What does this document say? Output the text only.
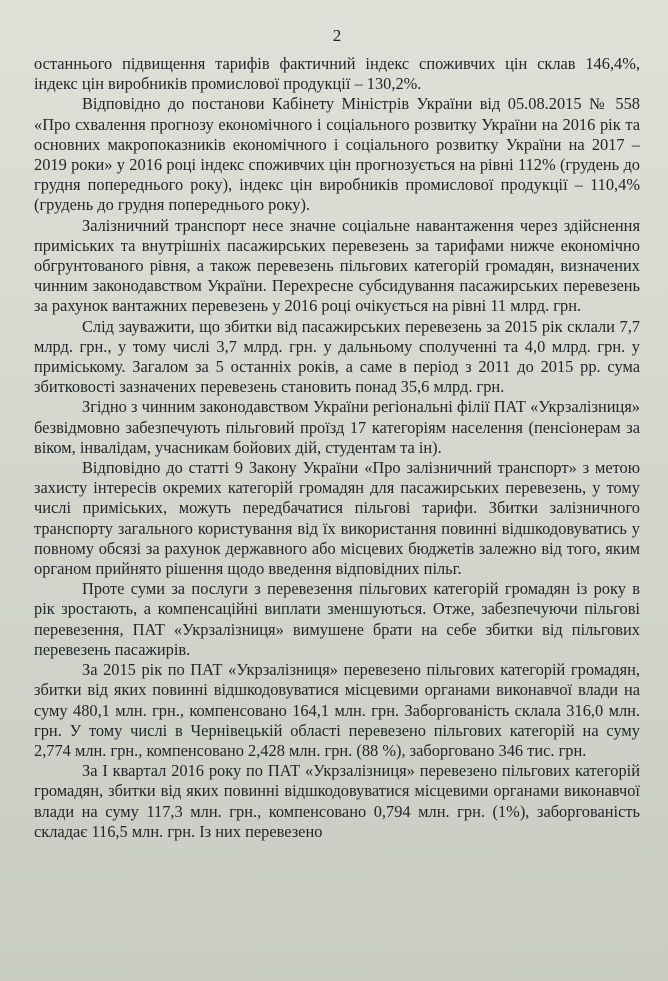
2

останнього підвищення тарифів фактичний індекс споживчих цін склав 146,4%, індекс цін виробників промислової продукції – 130,2%.

Відповідно до постанови Кабінету Міністрів України від 05.08.2015 № 558 «Про схвалення прогнозу економічного і соціального розвитку України на 2016 рік та основних макропоказників економічного і соціального розвитку України на 2017 – 2019 роки» у 2016 році індекс споживчих цін прогнозується на рівні 112% (грудень до грудня попереднього року), індекс цін виробників промислової продукції – 110,4% (грудень до грудня попереднього року).

Залізничний транспорт несе значне соціальне навантаження через здійснення приміських та внутрішніх пасажирських перевезень за тарифами нижче економічно обгрунтованого рівня, а також перевезень пільгових категорій громадян, визначених чинним законодавством України. Перехресне субсидування пасажирських перевезень за рахунок вантажних перевезень у 2016 році очікується на рівні 11 млрд. грн.

Слід зауважити, що збитки від пасажирських перевезень за 2015 рік склали 7,7 млрд. грн., у тому числі 3,7 млрд. грн. у дальньому сполученні та 4,0 млрд. грн. у приміському. Загалом за 5 останніх років, а саме в період з 2011 до 2015 рр. сума збитковості зазначених перевезень становить понад 35,6 млрд. грн.

Згідно з чинним законодавством України регіональні філії ПАТ «Укрзалізниця» безвідмовно забезпечують пільговий проїзд 17 категоріям населення (пенсіонерам за віком, інвалідам, учасникам бойових дій, студентам та ін).

Відповідно до статті 9 Закону України «Про залізничний транспорт» з метою захисту інтересів окремих категорій громадян для пасажирських перевезень, у тому числі приміських, можуть передбачатися пільгові тарифи. Збитки залізничного транспорту загального користування від їх використання повинні відшкодовуватись у повному обсязі за рахунок державного або місцевих бюджетів залежно від того, яким органом прийнято рішення щодо введення відповідних пільг.

Проте суми за послуги з перевезення пільгових категорій громадян із року в рік зростають, а компенсаційні виплати зменшуються. Отже, забезпечуючи пільгові перевезення, ПАТ «Укрзалізниця» вимушене брати на себе збитки від пільгових перевезень пасажирів.

За 2015 рік по ПАТ «Укрзалізниця» перевезено пільгових категорій громадян, збитки від яких повинні відшкодовуватися місцевими органами виконавчої влади на суму 480,1 млн. грн., компенсовано 164,1 млн. грн. Заборгованість склала 316,0 млн. грн. У тому числі в Чернівецькій області перевезено пільгових категорій на суму 2,774 млн. грн., компенсовано 2,428 млн. грн. (88 %), заборговано 346 тис. грн.

За I квартал 2016 року по ПАТ «Укрзалізниця» перевезено пільгових категорій громадян, збитки від яких повинні відшкодовуватися місцевими органами виконавчої влади на суму 117,3 млн. грн., компенсовано 0,794 млн. грн. (1%), заборгованість складає 116,5 млн. грн. Із них перевезено
